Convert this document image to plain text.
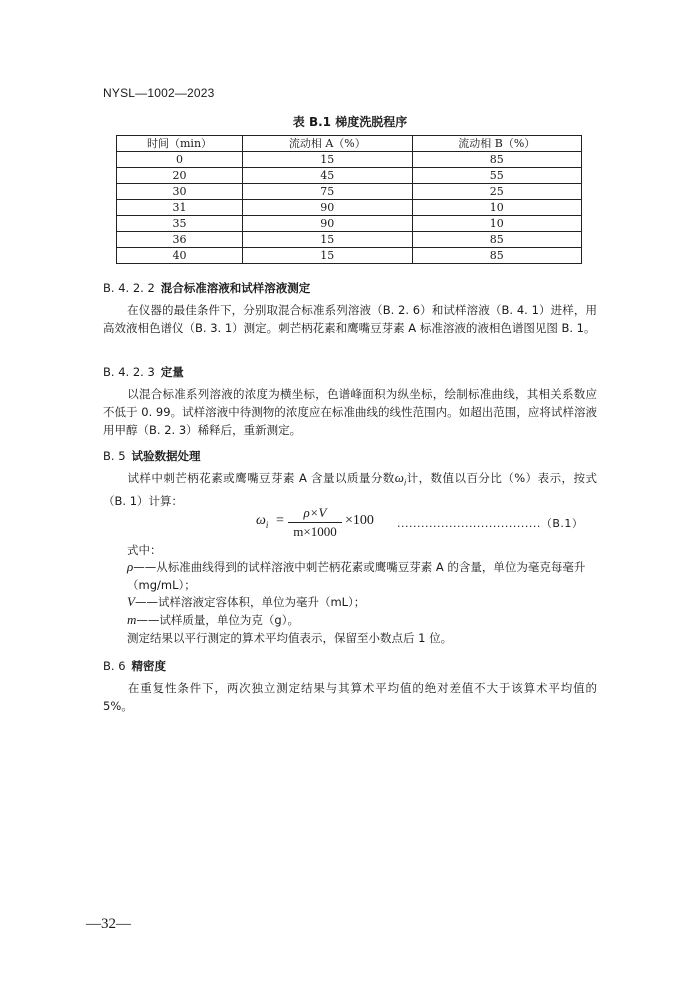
NYSL—1002—2023
表 B.1 梯度洗脱程序
时间（min）	流动相 A（%）	流动相 B（%）
0	15	85
20	45	55
30	75	25
31	90	10
35	90	10
36	15	85
40	15	85
B. 4. 2. 2 混合标准溶液和试样溶液测定
在仪器的最佳条件下，分别取混合标准系列溶液（B. 2. 6）和试样溶液（B. 4. 1）进样，用高效液相色谱仪（B. 3. 1）测定。刺芒柄花素和鹰嘴豆芽素 A 标准溶液的液相色谱图见图 B. 1。
B. 4. 2. 3 定量
以混合标准系列溶液的浓度为横坐标，色谱峰面积为纵坐标，绘制标准曲线，其相关系数应不低于 0. 99。试样溶液中待测物的浓度应在标准曲线的线性范围内。如超出范围，应将试样溶液用甲醇（B. 2. 3）稀释后，重新测定。
B. 5 试验数据处理
试样中刺芒柄花素或鹰嘴豆芽素 A 含量以质量分数$\omega_i$计，数值以百分比（%）表示，按式（B. 1）计算：
$\omega_i$ =
ρ×V
m×1000
×100 ....................................（B.1）
式中：
ρ——从标准曲线得到的试样溶液中刺芒柄花素或鹰嘴豆芽素 A 的含量，单位为毫克每毫升（mg/mL）；
V——试样溶液定容体积，单位为毫升（mL）；
m——试样质量，单位为克（g）。
测定结果以平行测定的算术平均值表示，保留至小数点后 1 位。
B. 6 精密度
在重复性条件下，两次独立测定结果与其算术平均值的绝对差值不大于该算术平均值的 5%。
—32—
